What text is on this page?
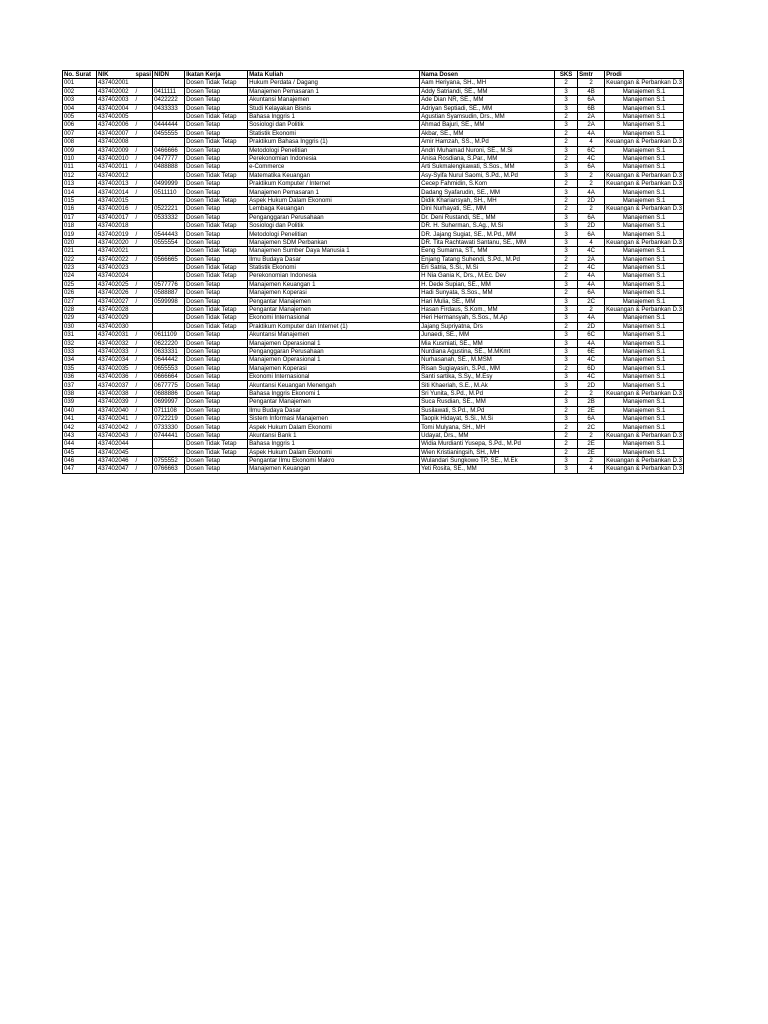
No. Surat	NIK	spasi	NIDN	Ikatan Kerja	Mata Kuliah	Nama Dosen	SKS	Smtr	Prodi
001	437402001			Dosen Tidak Tetap	Hukum Perdata / Dagang	Aam Heriyana, SH., MH	2	2	Keuangan & Perbankan D.3
002	437402002	/	0411111	Dosen Tetap	Manajemen Pemasaran 1	Addy Satriandi, SE., MM	3	4B	Manajemen S.1
003	437402003	/	0422222	Dosen Tetap	Akuntansi Manajemen	Ade Dian NR, SE., MM	3	6A	Manajemen S.1
004	437402004	/	0433333	Dosen Tetap	Studi Kelayakan Bisnis	Adriyan Septiadi, SE., MM	3	6B	Manajemen S.1
005	437402005			Dosen Tidak Tetap	Bahasa Inggris 1	Agustian Syamsudin, Drs., MM	2	2A	Manajemen S.1
006	437402006	/	0444444	Dosen Tetap	Sosiologi dan Politik	Ahmad Bajuri, SE., MM	3	2A	Manajemen S.1
007	437402007	/	0455555	Dosen Tetap	Statistik Ekonomi	Akbar, SE., MM	2	4A	Manajemen S.1
008	437402008			Dosen Tidak Tetap	Praktikum Bahasa Inggris (1)	Amir Hamzah, SS., M.Pd	2	4	Keuangan & Perbankan D.3
009	437402009	/	0466666	Dosen Tetap	Metodologi Penelitian	Andri Muhamad Nuroni, SE., M.Si	3	6C	Manajemen S.1
010	437402010	/	0477777	Dosen Tetap	Perekonomian Indonesia	Anisa Rosdiana, S.Par., MM	2	4C	Manajemen S.1
011	437402011	/	0488888	Dosen Tetap	e-Commerce	Arti Sukmalengkawati, S.Sos., MM	3	6A	Manajemen S.1
012	437402012			Dosen Tidak Tetap	Matematika Keuangan	Asy-Syifa Nurul Saomi, S.Pd., M.Pd	3	2	Keuangan & Perbankan D.3
013	437402013	/	0499999	Dosen Tetap	Praktikum Komputer / Internet	Cecep Fahmidin, S.Kom	2	2	Keuangan & Perbankan D.3
014	437402014	/	0511110	Dosen Tetap	Manajemen Pemasaran 1	Dadang Syafarudin, SE., MM	3	4A	Manajemen S.1
015	437402015			Dosen Tidak Tetap	Aspek Hukum Dalam Ekonomi	Didik Khariansyah, SH., MH	2	2D	Manajemen S.1
016	437402016	/	0522221	Dosen Tetap	Lembaga Keuangan	Dini Nurhayati, SE., MM	2	2	Keuangan & Perbankan D.3
017	437402017	/	0533332	Dosen Tetap	Penganggaran Perusahaan	Dr. Deni Rustandi, SE., MM	3	6A	Manajemen S.1
018	437402018			Dosen Tidak Tetap	Sosiologi dan Politik	DR. H. Suherman, S.Ag., M.Si	3	2D	Manajemen S.1
019	437402019	/	0544443	Dosen Tetap	Metodologi Penelitian	DR. Jajang Sugiat, SE., M.Pd., MM	3	6A	Manajemen S.1
020	437402020	/	0555554	Dosen Tetap	Manajemen SDM Perbankan	DR. Tita Rachtawati Santanu, SE., MM	3	4	Keuangan & Perbankan D.3
021	437402021			Dosen Tidak Tetap	Manajemen Sumber Daya Manusia 1	Eeng Sumarna, ST., MM	3	4C	Manajemen S.1
022	437402022	/	0566665	Dosen Tetap	Ilmu Budaya Dasar	Enjang Tatang Suhendi, S.Pd., M.Pd	2	2A	Manajemen S.1
023	437402023			Dosen Tidak Tetap	Statistik Ekonomi	Eri Satria, S.Si., M.Si	2	4C	Manajemen S.1
024	437402024			Dosen Tidak Tetap	Perekonomian Indonesia	H Nia Gania K, Drs., M.Ec. Dev	2	4A	Manajemen S.1
025	437402025	/	0577776	Dosen Tetap	Manajemen Keuangan 1	H. Dede Supian, SE., MM	3	4A	Manajemen S.1
026	437402026	/	0588887	Dosen Tetap	Manajemen Koperasi	Hadi Sunyata, S.Sos., MM	2	6A	Manajemen S.1
027	437402027	/	0599998	Dosen Tetap	Pengantar Manajemen	Hari Mulia, SE., MM	3	2C	Manajemen S.1
028	437402028			Dosen Tidak Tetap	Pengantar Manajemen	Hasan Firdaus, S.Kom., MM	3	2	Keuangan & Perbankan D.3
029	437402029			Dosen Tidak Tetap	Ekonomi Internasional	Heri Hermansyah, S.Sos., M.Ap	3	4A	Manajemen S.1
030	437402030			Dosen Tidak Tetap	Praktikum Komputer dan Internet (1)	Jajang Supriyatna, Drs	2	2D	Manajemen S.1
031	437402031	/	0611109	Dosen Tetap	Akuntansi Manajemen	Junaedi, SE., MM	3	6C	Manajemen S.1
032	437402032	/	0622220	Dosen Tetap	Manajemen Operasional 1	Mia Kusmiati, SE., MM	3	4A	Manajemen S.1
033	437402033	/	0633331	Dosen Tetap	Penganggaran Perusahaan	Nurdiana Agustina, SE., M.MKmt	3	6E	Manajemen S.1
034	437402034	/	0644442	Dosen Tetap	Manajemen Operasional 1	Nurhasanah, SE., M.MSM	3	4C	Manajemen S.1
035	437402035	/	0655553	Dosen Tetap	Manajemen Koperasi	Risan Sugiayasin, S.Pd., MM	2	6D	Manajemen S.1
036	437402036	/	0666664	Dosen Tetap	Ekonomi Internasional	Santi sartika, S.Sy., M.Esy	3	4C	Manajemen S.1
037	437402037	/	0677775	Dosen Tetap	Akuntansi Keuangan Menengah	Siti Khaeriah, S.E., M.Ak	3	2D	Manajemen S.1
038	437402038	/	0688886	Dosen Tetap	Bahasa Inggris Ekonomi 1	Sri Yunita, S.Pd., M.Pd	2	2	Keuangan & Perbankan D.3
039	437402039	/	0699997	Dosen Tetap	Pengantar Manajemen	Suca Rusdian, SE., MM	3	2B	Manajemen S.1
040	437402040	/	0711108	Dosen Tetap	Ilmu Budaya Dasar	Susilawati, S.Pd., M.Pd	2	2E	Manajemen S.1
041	437402041	/	0722219	Dosen Tetap	Sistem Informasi Manajemen	Taopik Hidayat, S.Si., M.Si	3	6A	Manajemen S.1
042	437402042	/	0733330	Dosen Tetap	Aspek Hukum Dalam Ekonomi	Tomi Mulyana, SH., MH	2	2C	Manajemen S.1
043	437402043	/	0744441	Dosen Tetap	Akuntansi Bank 1	Udayat, Drs., MM	2	2	Keuangan & Perbankan D.3
044	437402044			Dosen Tidak Tetap	Bahasa Inggris 1	Widia Murdianti Yusepa, S.Pd., M.Pd	2	2E	Manajemen S.1
045	437402045			Dosen Tidak Tetap	Aspek Hukum Dalam Ekonomi	Wien Kristianingsih, SH., MH	2	2E	Manajemen S.1
046	437402046	/	0755552	Dosen Tetap	Pengantar Ilmu Ekonomi Makro	Wulandari Sungkowo TP, SE., M.Ek	3	2	Keuangan & Perbankan D.3
047	437402047	/	0766663	Dosen Tetap	Manajemen Keuangan	Yeti Rosita, SE., MM	3	4	Keuangan & Perbankan D.3
